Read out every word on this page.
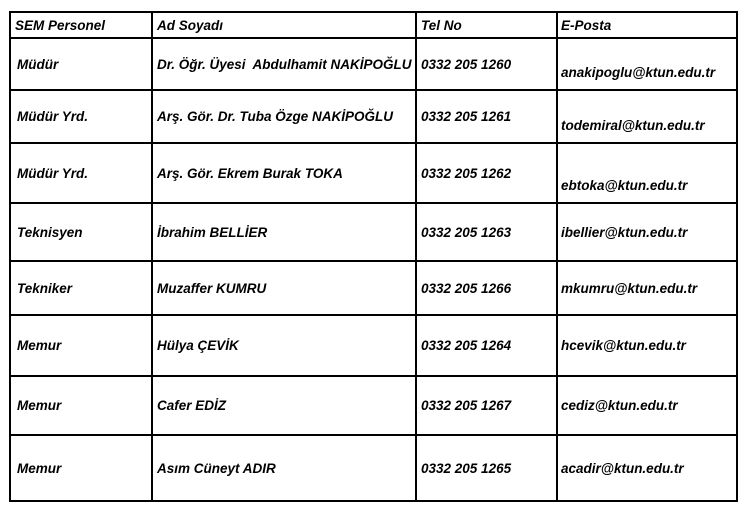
SEM Personel	Ad Soyadı	Tel No	E-Posta
Müdür	Dr. Öğr. Üyesi  Abdulhamit NAKİPOĞLU	0332 205 1260	anakipoglu@ktun.edu.tr
Müdür Yrd.	Arş. Gör. Dr. Tuba Özge NAKİPOĞLU	0332 205 1261	todemiral@ktun.edu.tr
Müdür Yrd.	Arş. Gör. Ekrem Burak TOKA	0332 205 1262	ebtoka@ktun.edu.tr
Teknisyen	İbrahim BELLİER	0332 205 1263	ibellier@ktun.edu.tr
Tekniker	Muzaffer KUMRU	0332 205 1266	mkumru@ktun.edu.tr
Memur	Hülya ÇEVİK	0332 205 1264	hcevik@ktun.edu.tr
Memur	Cafer EDİZ	0332 205 1267	cediz@ktun.edu.tr
Memur	Asım Cüneyt ADIR	0332 205 1265	acadir@ktun.edu.tr
